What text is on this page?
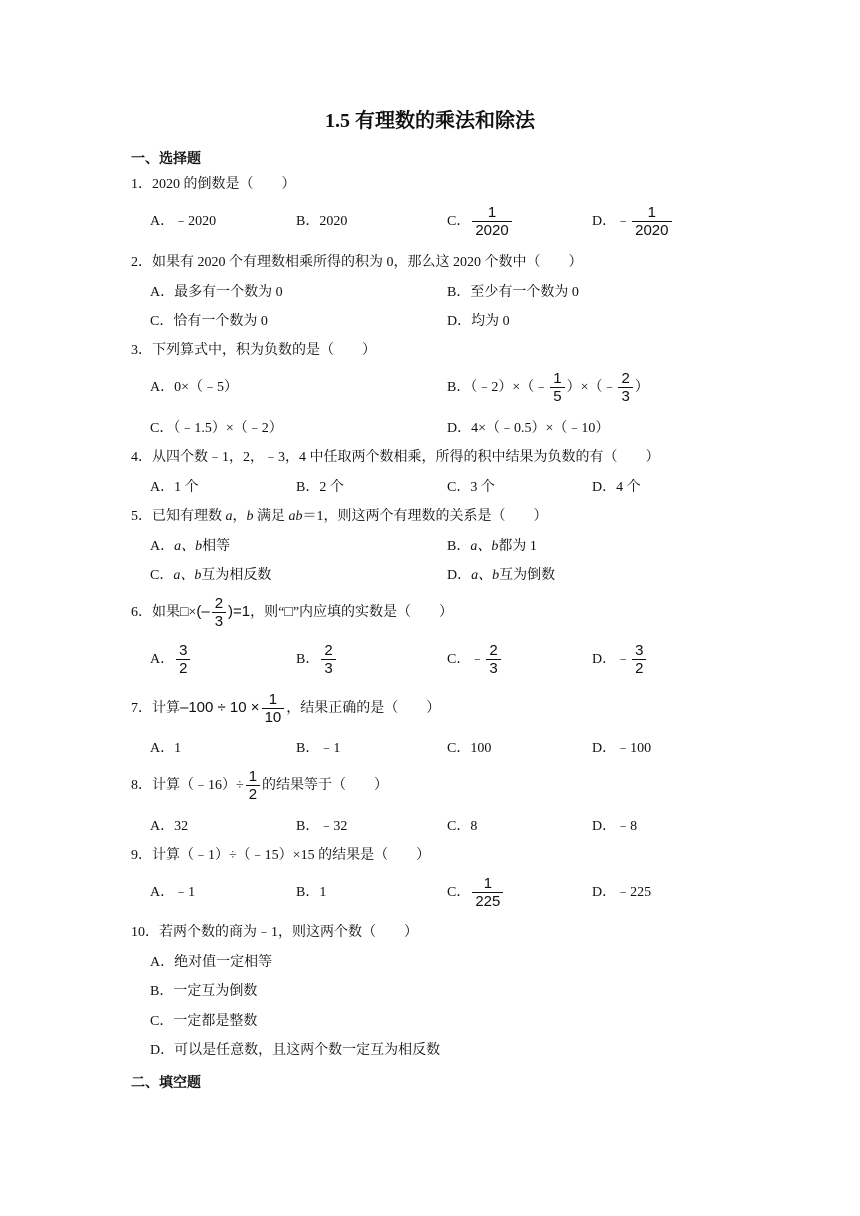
1.5 有理数的乘法和除法
一、选择题
1．2020 的倒数是（　　）
A．﹣2020	B．2020	C． $\frac{1}{2020}$	D．﹣ $\frac{1}{2020}$
2．如果有 2020 个有理数相乘所得的积为 0，那么这 2020 个数中（　　）
A．最多有一个数为 0	B．至少有一个数为 0
C．恰有一个数为 0	D．均为 0
3．下列算式中，积为负数的是（　　）
A．0×（﹣5）	B．（﹣2）×（﹣ $\frac{1}{5}$ ）×（﹣ $\frac{2}{3}$ ）
C．（﹣1.5）×（﹣2）	D．4×（﹣0.5）×（﹣10）
4．从四个数﹣1，2，﹣3，4 中任取两个数相乘，所得的积中结果为负数的有（　　）
A．1 个	B．2 个	C．3 个	D．4 个
5．已知有理数 a，b 满足 ab＝1，则这两个有理数的关系是（　　）
A．a、b相等	B．a、b都为 1
C．a、b互为相反数	D．a、b互为倒数
6．如果□×(– $\frac{2}{3} )=1$，则“□”内应填的实数是（　　）
A． $\frac{3}{2}$	B． $\frac{2}{3}$	C．﹣ $\frac{2}{3}$	D．﹣ $\frac{3}{2}$
7．计算$-100 \div 10 \times \frac{1}{10}$ ，结果正确的是（　　）
A．1	B．﹣1	C．100	D．﹣100
8．计算（﹣16）÷ $\frac{1}{2}$ 的结果等于（　　）
A．32	B．﹣32	C．8	D．﹣8
9．计算（﹣1）÷（﹣15）×15 的结果是（　　）
A．﹣1	B．1	C． $\frac{1}{225}$	D．﹣225
10．若两个数的商为﹣1，则这两个数（　　）
A．绝对值一定相等
B．一定互为倒数
C．一定都是整数
D．可以是任意数，且这两个数一定互为相反数
二、填空题
